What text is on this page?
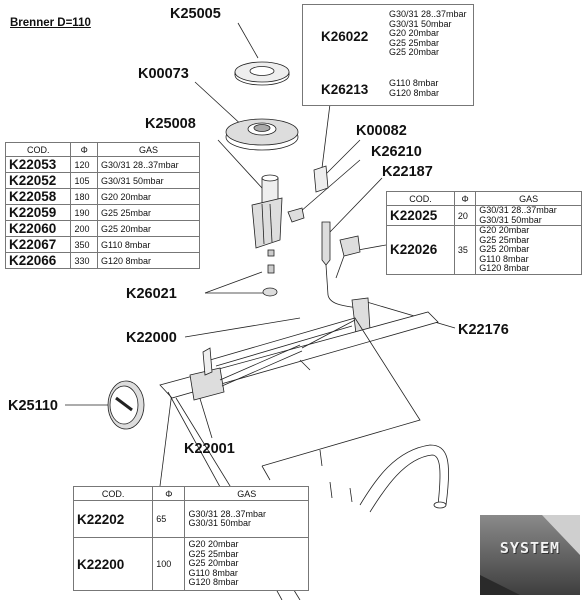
K25005
K00073
K25008	K00082
K26210
K22187
K26021
K22000	K22176
K25110
K22001
Brenner D=110
K26022
G30/31 28..37mbar
G30/31 50mbar
G20 20mbar
G25 25mbar
G25 20mbar
K26213 G110 8mbar
G120 8mbar
COD.	Φ	GAS
K22053	120	G30/31 28..37mbar
K22052	105	G30/31 50mbar
K22058	180	G20 20mbar
K22059	190	G25 25mbar
K22060	200	G25 20mbar
K22067	350	G110 8mbar
K22066	330	G120 8mbar
COD.	Φ	GAS
K22025	20	G30/31 28..37mbar
G30/31 50mbar

K22026	35	G20 20mbar
G25 25mbar
G25 20mbar
G110 8mbar
G120 8mbar
COD.	Φ	GAS
K22202	65	G30/31 28..37mbar
G30/31 50mbar

K22200	100	G20 20mbar
G25 25mbar
G25 20mbar
G110 8mbar
G120 8mbar
SYSTEM
